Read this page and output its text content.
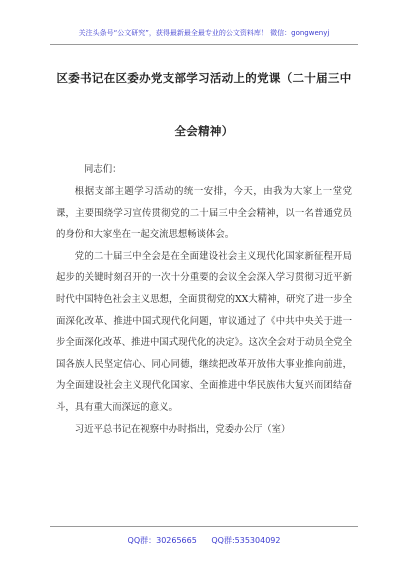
关注头条号“公文研究”，获得最新最全最专业的公文资料库！ 微信：gongwenyj
区委书记在区委办党支部学习活动上的党课（二十届三中
全会精神）
同志们：

根据支部主题学习活动的统一安排，今天，由我为大家上一堂党课，主要围绕学习宣传贯彻党的二十届三中全会精神，以一名普通党员的身份和大家坐在一起交流思想畅谈体会。

党的二十届三中全会是在全面建设社会主义现代化国家新征程开局起步的关键时刻召开的一次十分重要的会议全会深入学习贯彻习近平新时代中国特色社会主义思想，全面贯彻党的XX大精神，研究了进一步全面深化改革、推进中国式现代化问题，审议通过了《中共中央关于进一步全面深化改革、推进中国式现代化的决定》。这次全会对于动员全党全国各族人民坚定信心、同心同德，继续把改革开放伟大事业推向前进，为全面建设社会主义现代化国家、全面推进中华民族伟大复兴而团结奋斗，具有重大而深远的意义。

习近平总书记在视察中办时指出，党委办公厅（室）

QQ群：30265665 QQ群:535304092
